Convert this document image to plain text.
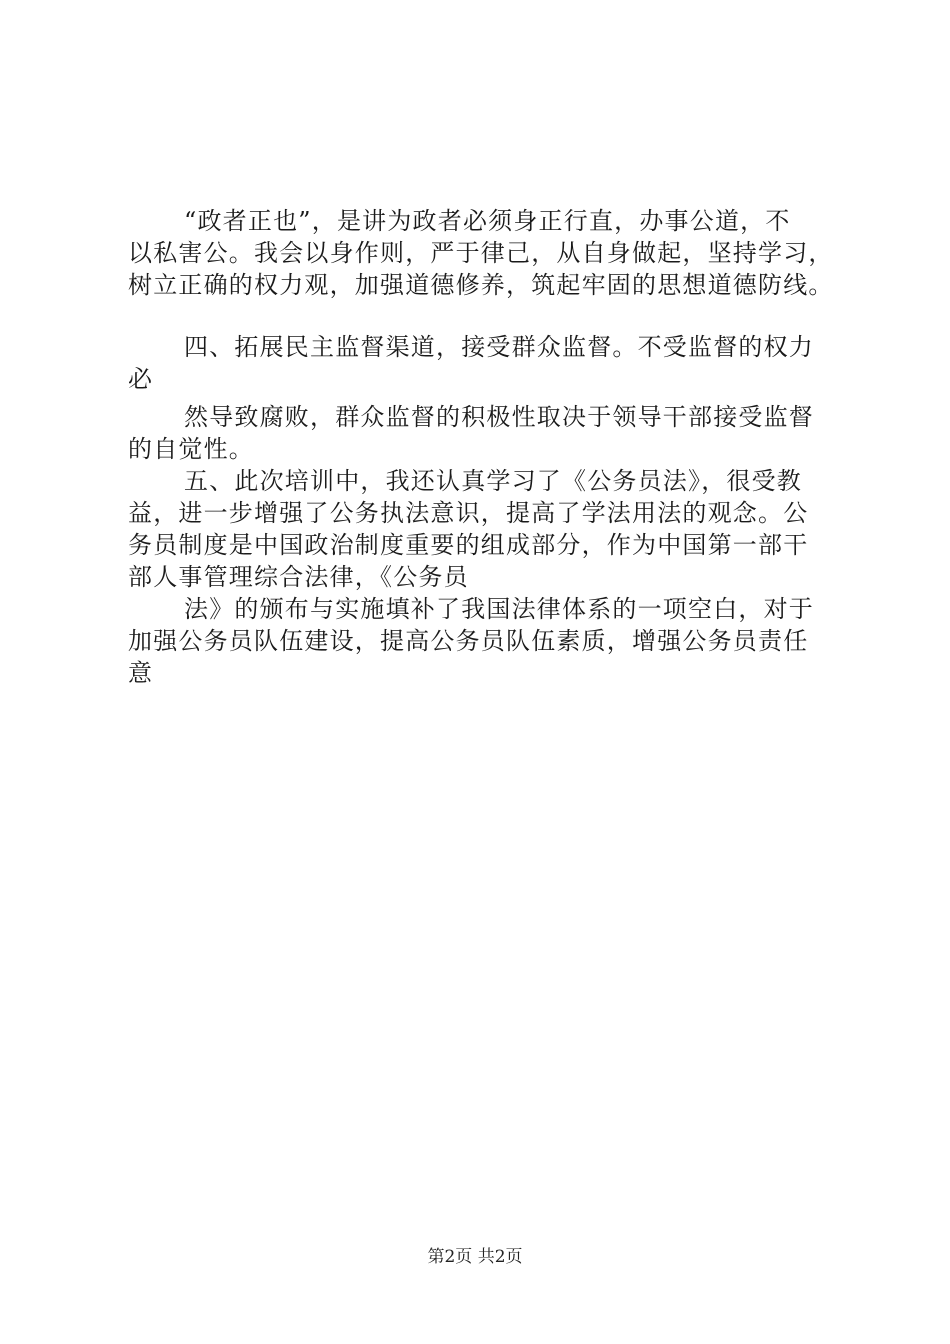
“政者正也”，是讲为政者必须身正行直，办事公道，不
以私害公。我会以身作则，严于律己，从自身做起，坚持学习，
树立正确的权力观，加强道德修养，筑起牢固的思想道德防线。
四、拓展民主监督渠道，接受群众监督。不受监督的权力
必
然导致腐败，群众监督的积极性取决于领导干部接受监督
的自觉性。
五、此次培训中，我还认真学习了《公务员法》，很受教
益，进一步增强了公务执法意识，提高了学法用法的观念。公
务员制度是中国政治制度重要的组成部分，作为中国第一部干
部人事管理综合法律，《公务员
法》的颁布与实施填补了我国法律体系的一项空白，对于
加强公务员队伍建设，提高公务员队伍素质，增强公务员责任
意
第2页 共2页
